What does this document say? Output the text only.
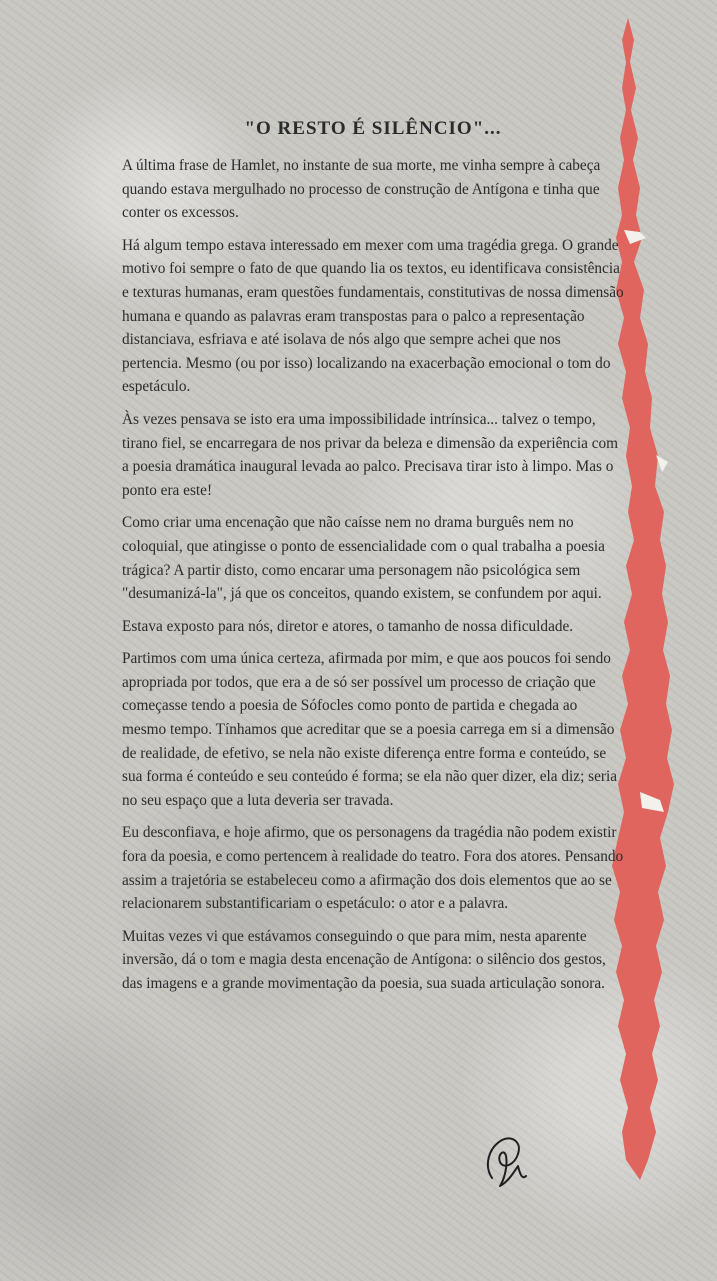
"O RESTO É SILÊNCIO"...

A última frase de Hamlet, no instante de sua morte, me vinha sempre à cabeça quando estava mergulhado no processo de construção de Antígona e tinha que conter os excessos.

Há algum tempo estava interessado em mexer com uma tragédia grega. O grande motivo foi sempre o fato de que quando lia os textos, eu identificava consistência e texturas humanas, eram questões fundamentais, constitutivas de nossa dimensão humana e quando as palavras eram transpostas para o palco a representação distanciava, esfriava e até isolava de nós algo que sempre achei que nos pertencia. Mesmo (ou por isso) localizando na exacerbação emocional o tom do espetáculo.

Às vezes pensava se isto era uma impossibilidade intrínsica... talvez o tempo, tirano fiel, se encarregara de nos privar da beleza e dimensão da experiência com a poesia dramática inaugural levada ao palco. Precisava tirar isto à limpo. Mas o ponto era este!

Como criar uma encenação que não caísse nem no drama burguês nem no coloquial, que atingisse o ponto de essencialidade com o qual trabalha a poesia trágica? A partir disto, como encarar uma personagem não psicológica sem "desumanizá-la", já que os conceitos, quando existem, se confundem por aqui.

Estava exposto para nós, diretor e atores, o tamanho de nossa dificuldade.

Partimos com uma única certeza, afirmada por mim, e que aos poucos foi sendo apropriada por todos, que era a de só ser possível um processo de criação que começasse tendo a poesia de Sófocles como ponto de partida e chegada ao mesmo tempo. Tínhamos que acreditar que se a poesia carrega em si a dimensão de realidade, de efetivo, se nela não existe diferença entre forma e conteúdo, se sua forma é conteúdo e seu conteúdo é forma; se ela não quer dizer, ela diz; seria no seu espaço que a luta deveria ser travada.

Eu desconfiava, e hoje afirmo, que os personagens da tragédia não podem existir fora da poesia, e como pertencem à realidade do teatro. Fora dos atores. Pensando assim a trajetória se estabeleceu como a afirmação dos dois elementos que ao se relacionarem substantificariam o espetáculo: o ator e a palavra.

Muitas vezes vi que estávamos conseguindo o que para mim, nesta aparente inversão, dá o tom e magia desta encenação de Antígona: o silêncio dos gestos, das imagens e a grande movimentação da poesia, sua suada articulação sonora.
